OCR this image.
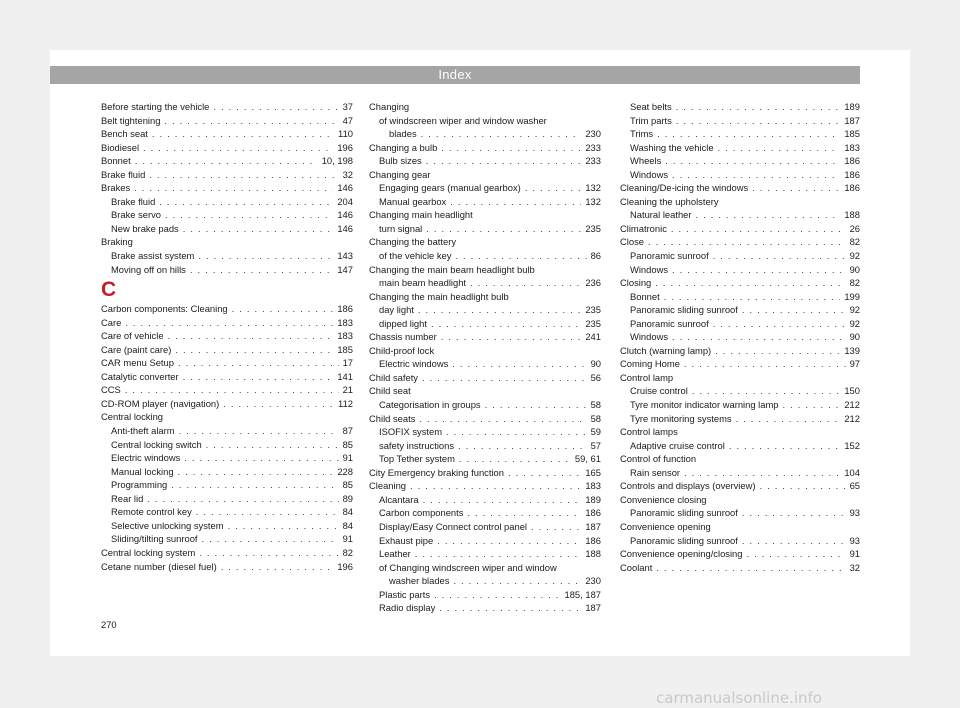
Index
Before starting the vehicle . . .	37
Belt tightening . . .	47
Bench seat . . .	110
Biodiesel . . .	196
Bonnet . . .	10, 198
Brake fluid . . .	32
Brakes . . .	146
Brake fluid . . .	204
Brake servo . . .	146
New brake pads . . .	146
Braking
Brake assist system . . .	143
Moving off on hills . . .	147
C
Carbon components: Cleaning . . .	186
Care . . .	183
Care of vehicle . . .	183
Care (paint care) . . .	185
CAR menu Setup . . .	17
Catalytic converter . . .	141
CCS . . .	21
CD-ROM player (navigation) . . .	112
Central locking
Anti-theft alarm . . .	87
Central locking switch . . .	85
Electric windows . . .	91
Manual locking . . .	228
Programming . . .	85
Rear lid . . .	89
Remote control key . . .	84
Selective unlocking system . . .	84
Sliding/tilting sunroof . . .	91
Central locking system . . .	82
Cetane number (diesel fuel) . . .	196
Changing
of windscreen wiper and window washer
blades . . .	230
Changing a bulb . . .	233
Bulb sizes . . .	233
Changing gear
Engaging gears (manual gearbox) . . .	132
Manual gearbox . . .	132
Changing main headlight
turn signal . . .	235
Changing the battery
of the vehicle key . . .	86
Changing the main beam headlight bulb
main beam headlight . . .	236
Changing the main headlight bulb
day light . . .	235
dipped light . . .	235
Chassis number . . .	241
Child-proof lock
Electric windows . . .	90
Child safety . . .	56
Child seat
Categorisation in groups . . .	58
Child seats . . .	58
ISOFIX system . . .	59
safety instructions . . .	57
Top Tether system . . .	59, 61
City Emergency braking function . . .	165
Cleaning . . .	183
Alcantara . . .	189
Carbon components . . .	186
Display/Easy Connect control panel . . .	187
Exhaust pipe . . .	186
Leather . . .	188
of Changing windscreen wiper and window
washer blades . . .	230
Plastic parts . . .	185, 187
Radio display . . .	187
Seat belts . . .	189
Trim parts . . .	187
Trims . . .	185
Washing the vehicle . . .	183
Wheels . . .	186
Windows . . .	186
Cleaning/De-icing the windows . . .	186
Cleaning the upholstery
Natural leather . . .	188
Climatronic . . .	26
Close . . .	82
Panoramic sunroof . . .	92
Windows . . .	90
Closing . . .	82
Bonnet . . .	199
Panoramic sliding sunroof . . .	92
Panoramic sunroof . . .	92
Windows . . .	90
Clutch (warning lamp) . . .	139
Coming Home . . .	97
Control lamp
Cruise control . . .	150
Tyre monitor indicator warning lamp . . .	212
Tyre monitoring systems . . .	212
Control lamps
Adaptive cruise control . . .	152
Control of function
Rain sensor . . .	104
Controls and displays (overview) . . .	65
Convenience closing
Panoramic sliding sunroof . . .	93
Convenience opening
Panoramic sliding sunroof . . .	93
Convenience opening/closing . . .	91
Coolant . . .	32
270
carmanualsonline.info
